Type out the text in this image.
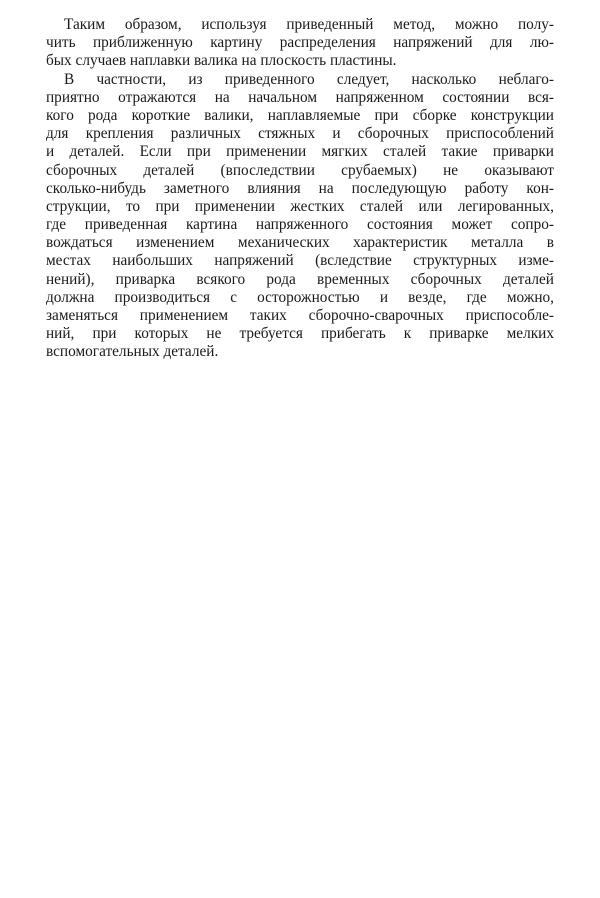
Таким образом, используя приведенный метод, можно полу-
чить приближенную картину распределения напряжений для лю-
бых случаев наплавки валика на плоскость пластины.
В частности, из приведенного следует, насколько неблаго-
приятно отражаются на начальном напряженном состоянии вся-
кого рода короткие валики, наплавляемые при сборке конструкции
для крепления различных стяжных и сборочных приспособлений
и деталей. Если при применении мягких сталей такие приварки
сборочных деталей (впоследствии срубаемых) не оказывают
сколько-нибудь заметного влияния на последующую работу кон-
струкции, то при применении жестких сталей или легированных,
где приведенная картина напряженного состояния может сопро-
вождаться изменением механических характеристик металла в
местах наибольших напряжений (вследствие структурных изме-
нений), приварка всякого рода временных сборочных деталей
должна производиться с осторожностью и везде, где можно,
заменяться применением таких сборочно-сварочных приспособле-
ний, при которых не требуется прибегать к приварке мелких
вспомогательных деталей.
